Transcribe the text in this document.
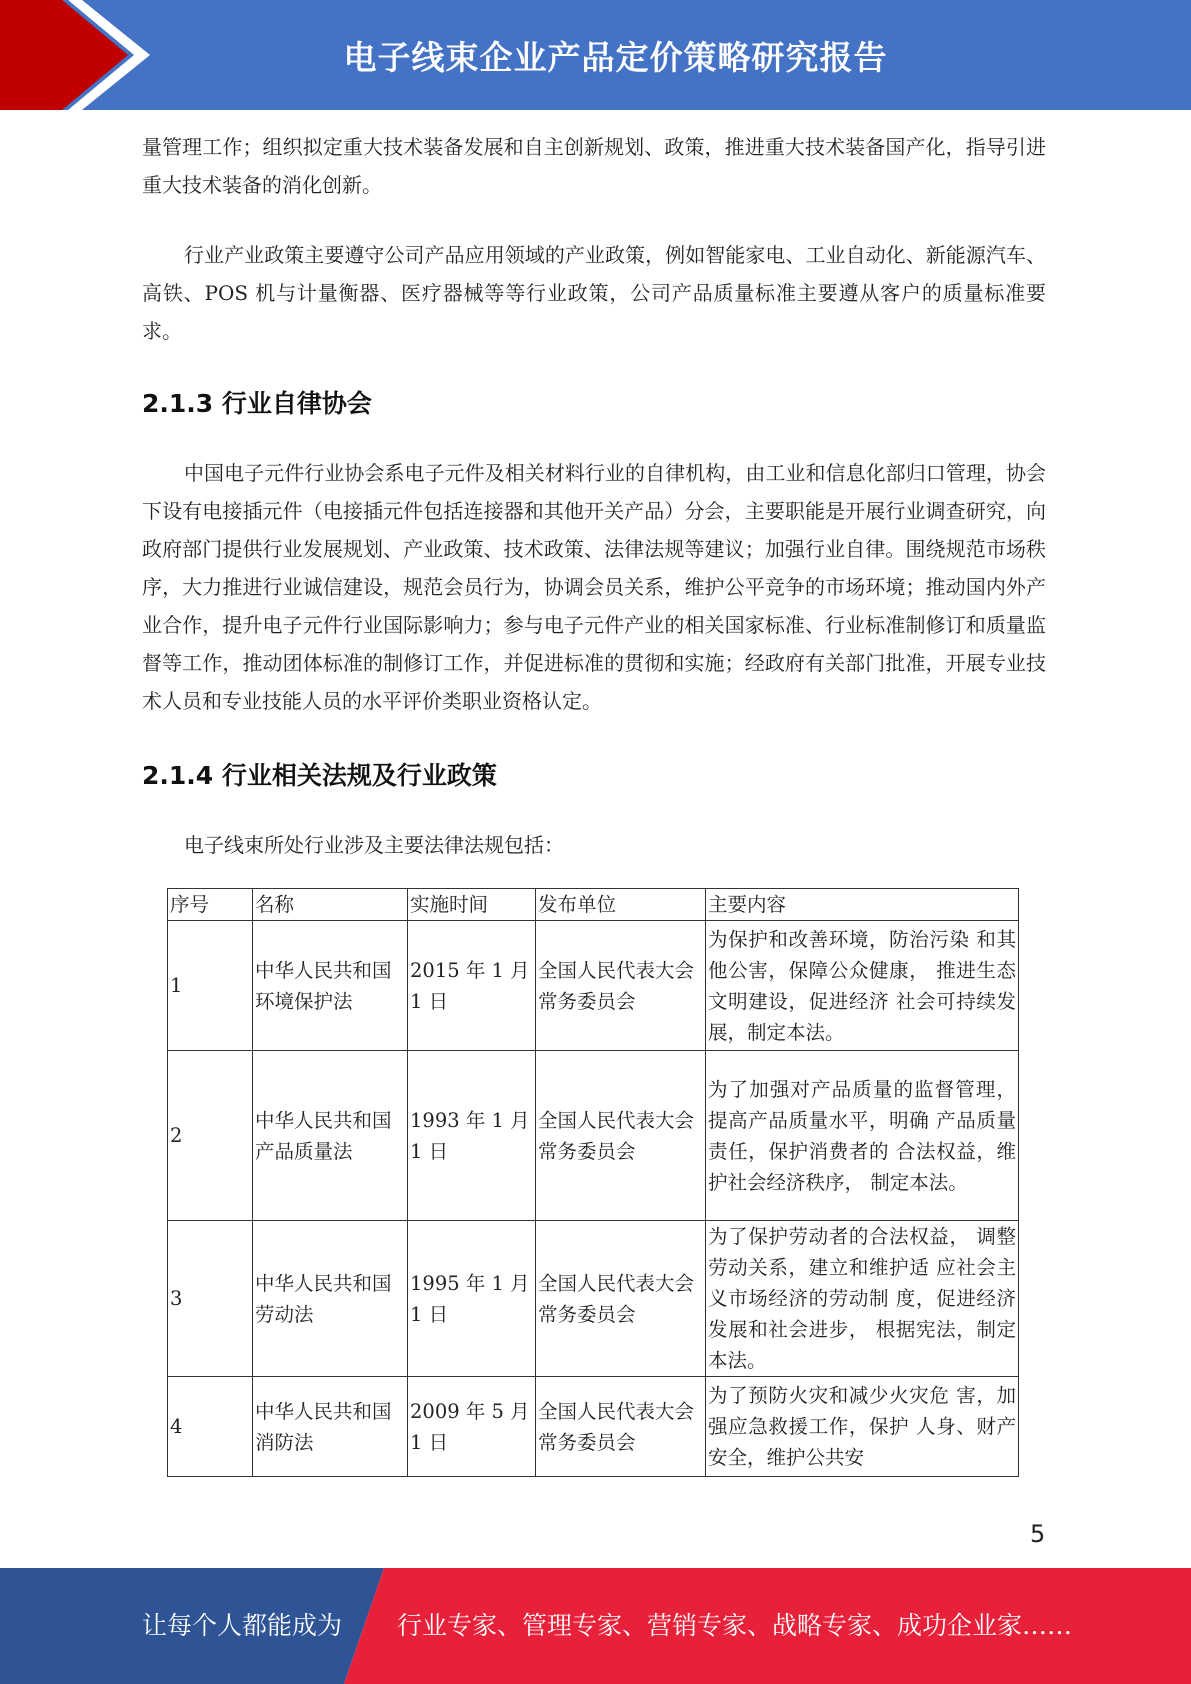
电子线束企业产品定价策略研究报告

量管理工作；组织拟定重大技术装备发展和自主创新规划、政策，推进重大技术装备国产化，指导引进重大技术装备的消化创新。

行业产业政策主要遵守公司产品应用领域的产业政策，例如智能家电、工业自动化、新能源汽车、高铁、POS 机与计量衡器、医疗器械等等行业政策，公司产品质量标准主要遵从客户的质量标准要求。

2.1.3 行业自律协会

中国电子元件行业协会系电子元件及相关材料行业的自律机构，由工业和信息化部归口管理，协会下设有电接插元件（电接插元件包括连接器和其他开关产品）分会，主要职能是开展行业调查研究，向政府部门提供行业发展规划、产业政策、技术政策、法律法规等建议；加强行业自律。围绕规范市场秩序，大力推进行业诚信建设，规范会员行为，协调会员关系，维护公平竞争的市场环境；推动国内外产业合作，提升电子元件行业国际影响力；参与电子元件产业的相关国家标准、行业标准制修订和质量监督等工作，推动团体标准的制修订工作，并促进标准的贯彻和实施；经政府有关部门批准，开展专业技术人员和专业技能人员的水平评价类职业资格认定。

2.1.4 行业相关法规及行业政策

电子线束所处行业涉及主要法律法规包括：

序号	名称	实施时间	发布单位	主要内容
1	中华人民共和国环境保护法	2015 年 1 月 1 日	全国人民代表大会常务委员会	为保护和改善环境，防治污染 和其他公害，保障公众健康， 推进生态文明建设，促进经济 社会可持续发展，制定本法。
2	中华人民共和国产品质量法	1993 年 1 月 1 日	全国人民代表大会常务委员会	为了加强对产品质量的监督管理，提高产品质量水平，明确 产品质量责任，保护消费者的 合法权益，维护社会经济秩序， 制定本法。
3	中华人民共和国劳动法	1995 年 1 月 1 日	全国人民代表大会常务委员会	为了保护劳动者的合法权益， 调整劳动关系，建立和维护适 应社会主义市场经济的劳动制 度，促进经济发展和社会进步， 根据宪法，制定本法。
4	中华人民共和国消防法	2009 年 5 月 1 日	全国人民代表大会常务委员会	为了预防火灾和减少火灾危 害，加强应急救援工作，保护 人身、财产安全，维护公共安
5
让每个人都能成为 行业专家、管理专家、营销专家、战略专家、成功企业家……
